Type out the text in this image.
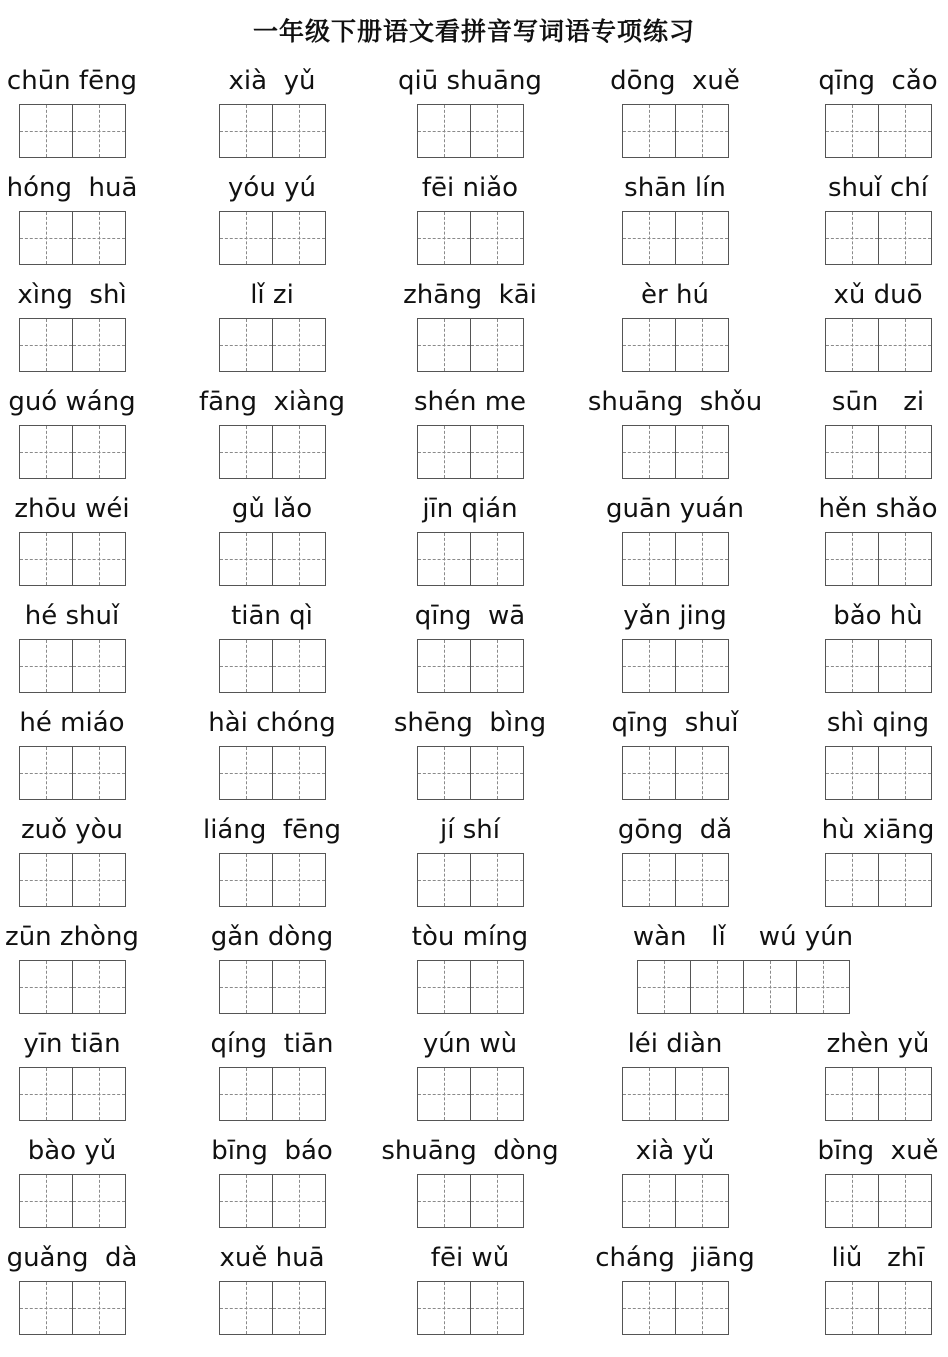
一年级下册语文看拼音写词语专项练习
chūn fēng	xià  yǔ	qiū shuāng	dōng  xuě	qīng  cǎo
hóng  huā	yóu yú	fēi niǎo	shān lín	shuǐ chí
xìng  shì	lǐ zi	zhāng  kāi	èr hú	xǔ duō
guó wáng	fāng  xiàng	shén me	shuāng  shǒu	sūn   zi
zhōu wéi	gǔ lǎo	jīn qián	guān yuán	hěn shǎo
hé shuǐ	tiān qì	qīng  wā	yǎn jing	bǎo hù
hé miáo	hài chóng	shēng  bìng	qīng  shuǐ	shì qing
zuǒ yòu	liáng  fēng	jí shí	gōng  dǎ	hù xiāng
zūn zhòng	gǎn dòng	tòu míng	wàn   lǐ    wú yún
yīn tiān	qíng  tiān	yún wù	léi diàn	zhèn yǔ
bào yǔ	bīng  báo	shuāng  dòng	xià yǔ	bīng  xuě
guǎng  dà	xuě huā	fēi wǔ	cháng  jiāng	liǔ   zhī
